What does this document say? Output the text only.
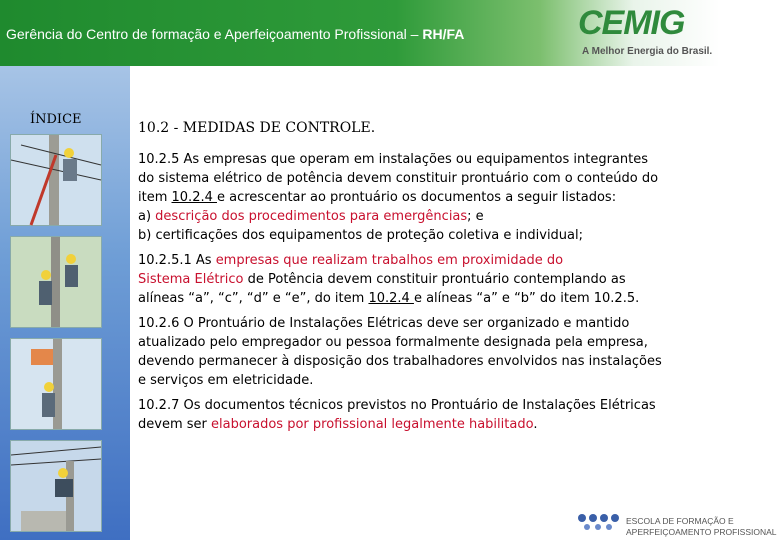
Gerência do Centro de formação e Aperfeiçoamento Profissional – RH/FA	CEMIG
A Melhor Energia do Brasil.
ÍNDICE
10.2 - MEDIDAS DE CONTROLE.
10.2.5 As empresas que operam em instalações ou equipamentos integrantes
do sistema elétrico de potência devem constituir prontuário com o conteúdo do
item 10.2.4 e acrescentar ao prontuário os documentos a seguir listados:
a) descrição dos procedimentos para emergências; e
b) certificações dos equipamentos de proteção coletiva e individual;
10.2.5.1 As empresas que realizam trabalhos em proximidade do
Sistema Elétrico de Potência devem constituir prontuário contemplando as
alíneas “a”, “c”, “d” e “e”, do item 10.2.4 e alíneas “a” e “b” do item 10.2.5.
10.2.6 O Prontuário de Instalações Elétricas deve ser organizado e mantido
atualizado pelo empregador ou pessoa formalmente designada pela empresa,
devendo permanecer à disposição dos trabalhadores envolvidos nas instalações
e serviços em eletricidade.
10.2.7 Os documentos técnicos previstos no Prontuário de Instalações Elétricas
devem ser elaborados por profissional legalmente habilitado.
ESCOLA DE FORMAÇÃO E
APERFEIÇOAMENTO PROFISSIONAL
